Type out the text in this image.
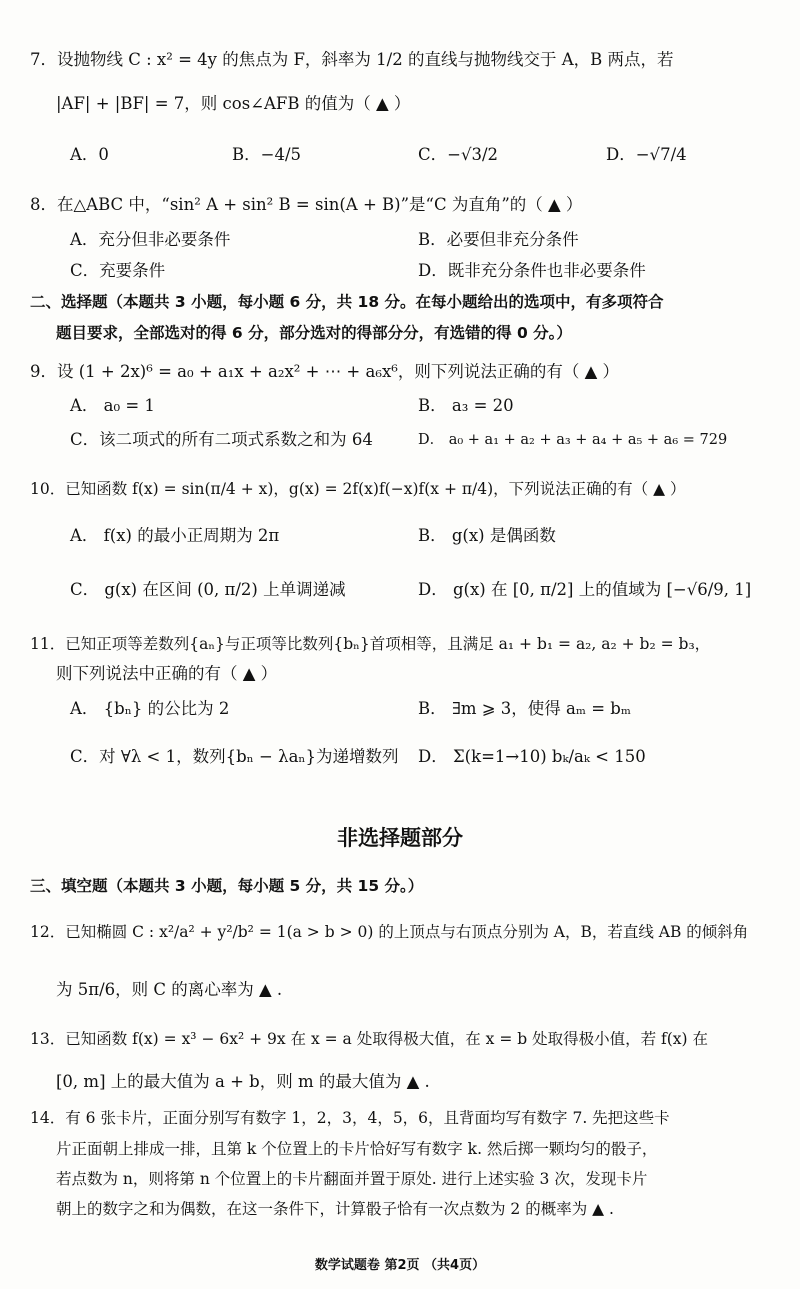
7．设抛物线 C : x² = 4y 的焦点为 F，斜率为 1/2 的直线与抛物线交于 A，B 两点，若
|AF| + |BF| = 7，则 cos∠AFB 的值为（ ▲ ）
A．0	B．−4/5	C．−√3/2	D．−√7/4
8．在△ABC 中，“sin² A + sin² B = sin(A + B)”是“C 为直角”的（ ▲ ）
A．充分但非必要条件	B．必要但非充分条件
C．充要条件	D．既非充分条件也非必要条件
二、选择题（本题共 3 小题，每小题 6 分，共 18 分。在每小题给出的选项中，有多项符合
题目要求，全部选对的得 6 分，部分选对的得部分分，有选错的得 0 分。）
9．设 (1 + 2x)⁶ = a₀ + a₁x + a₂x² + ⋯ + a₆x⁶，则下列说法正确的有（ ▲ ）
A． a₀ = 1	B． a₃ = 20
C．该二项式的所有二项式系数之和为 64	D． a₀ + a₁ + a₂ + a₃ + a₄ + a₅ + a₆ = 729
10．已知函数 f(x) = sin(π/4 + x)，g(x) = 2f(x)f(−x)f(x + π/4)，下列说法正确的有（ ▲ ）
A． f(x) 的最小正周期为 2π	B． g(x) 是偶函数
C． g(x) 在区间 (0, π/2) 上单调递减	D． g(x) 在 [0, π/2] 上的值域为 [−√6/9, 1]
11．已知正项等差数列{aₙ}与正项等比数列{bₙ}首项相等，且满足 a₁ + b₁ = a₂, a₂ + b₂ = b₃，
则下列说法中正确的有（ ▲ ）
A． {bₙ} 的公比为 2	B． ∃m ⩾ 3，使得 aₘ = bₘ
C．对 ∀λ < 1，数列{bₙ − λaₙ}为递增数列 D． Σ(k=1→10) bₖ/aₖ < 150
非选择题部分
三、填空题（本题共 3 小题，每小题 5 分，共 15 分。）
12．已知椭圆 C : x²/a² + y²/b² = 1(a > b > 0) 的上顶点与右顶点分别为 A，B，若直线 AB 的倾斜角
为 5π/6，则 C 的离心率为 ▲ .
13．已知函数 f(x) = x³ − 6x² + 9x 在 x = a 处取得极大值，在 x = b 处取得极小值，若 f(x) 在
[0, m] 上的最大值为 a + b，则 m 的最大值为 ▲ .
14．有 6 张卡片，正面分别写有数字 1，2，3，4，5，6，且背面均写有数字 7. 先把这些卡
片正面朝上排成一排，且第 k 个位置上的卡片恰好写有数字 k. 然后掷一颗均匀的骰子，
若点数为 n，则将第 n 个位置上的卡片翻面并置于原处. 进行上述实验 3 次，发现卡片
朝上的数字之和为偶数，在这一条件下，计算骰子恰有一次点数为 2 的概率为 ▲ .
数学试题卷 第2页 （共4页）
